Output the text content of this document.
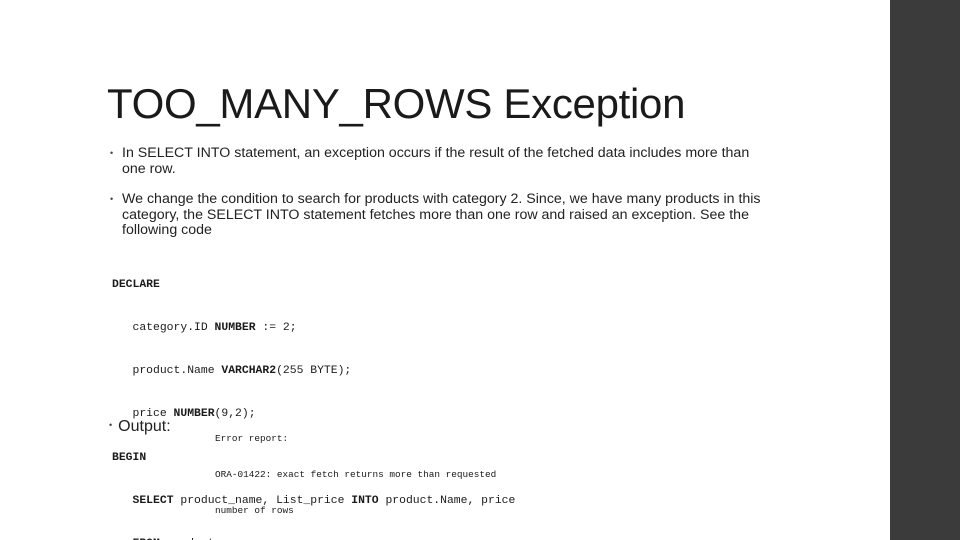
TOO_MANY_ROWS Exception
• In SELECT INTO statement, an exception occurs if the result of the fetched data includes more than one row.
• We change the condition to search for products with category 2. Since, we have many products in this category, the SELECT INTO statement fetches more than one row and raised an exception. See the following code

DECLARE

category.ID NUMBER := 2;

product.Name VARCHAR2(255 BYTE);

price NUMBER(9,2);

BEGIN

SELECT product_name, List_price INTO product.Name, price

• Output:

Error report:

ORA-01422: exact fetch returns more than requested

number of rows
